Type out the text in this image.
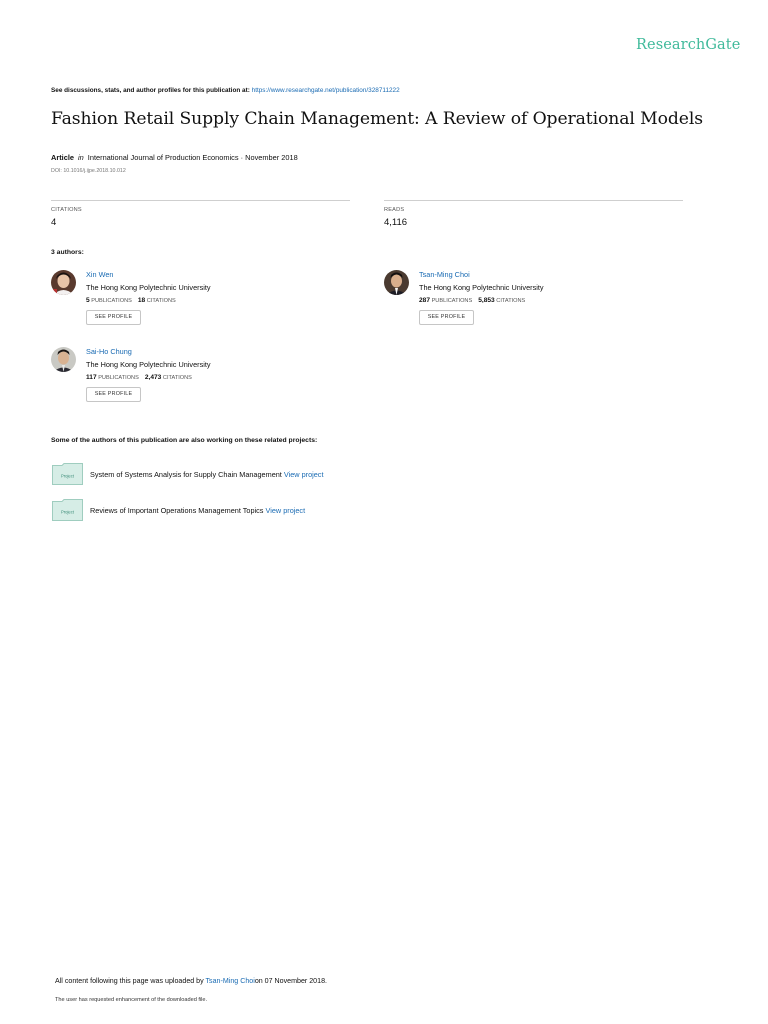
ResearchGate
See discussions, stats, and author profiles for this publication at: https://www.researchgate.net/publication/328711222
Fashion Retail Supply Chain Management: A Review of Operational Models
Article in International Journal of Production Economics · November 2018
DOI: 10.1016/j.ijpe.2018.10.012
CITATIONS	READS
4	4,116
3 authors:
Xin Wen
The Hong Kong Polytechnic University
5 PUBLICATIONS 18 CITATIONS
SEE PROFILE
Tsan-Ming Choi
The Hong Kong Polytechnic University
287 PUBLICATIONS 5,853 CITATIONS
SEE PROFILE
Sai-Ho Chung
The Hong Kong Polytechnic University
117 PUBLICATIONS 2,473 CITATIONS
SEE PROFILE
Some of the authors of this publication are also working on these related projects:
Project System of Systems Analysis for Supply Chain Management View project
Project Reviews of Important Operations Management Topics View project
All content following this page was uploaded by Tsan-Ming Choion 07 November 2018.
The user has requested enhancement of the downloaded file.
